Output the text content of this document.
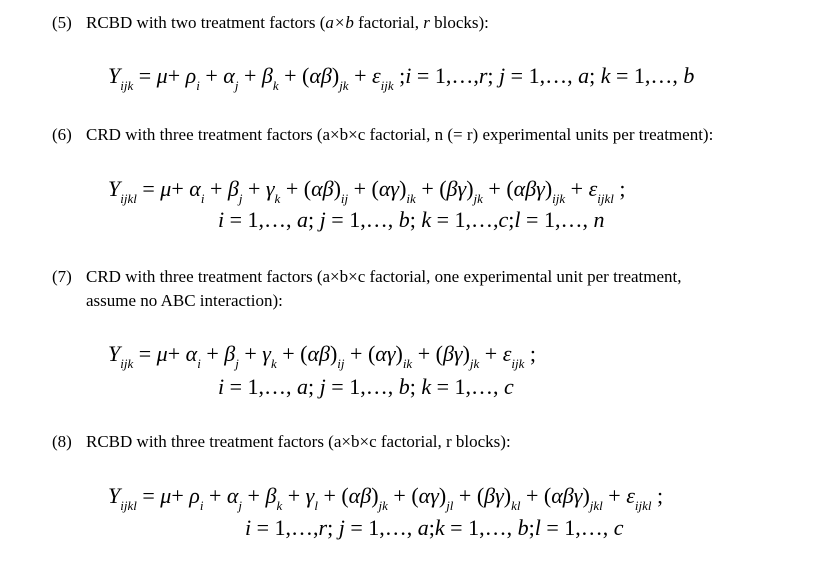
(5) RCBD with two treatment factors (a×b factorial, r blocks):
$Y_{ijk} = \mu+ \rho_i + \alpha_j + \beta_k + (\alpha\beta)_{jk} + \varepsilon_{ijk}$ ;i = 1,…,r; j = 1,…, a; k = 1,…, b
(6) CRD with three treatment factors (a×b×c factorial, n (= r) experimental units per treatment):
$Y_{ijkl} = \mu+ \alpha_i + \beta_j + \gamma_k + (\alpha\beta)_{ij} + (\alpha\gamma)_{ik} + (\beta\gamma)_{jk} + (\alpha\beta\gamma)_{ijk} + \varepsilon_{ijkl}$ ;
i = 1,…, a; j = 1,…, b; k = 1,…,c;l = 1,…, n
(7) CRD with three treatment factors (a×b×c factorial, one experimental unit per treatment,
assume no ABC interaction):
$Y_{ijk} = \mu+ \alpha_i + \beta_j + \gamma_k + (\alpha\beta)_{ij} + (\alpha\gamma)_{ik} + (\beta\gamma)_{jk} + \varepsilon_{ijk}$ ;
i = 1,…, a; j = 1,…, b; k = 1,…, c
(8) RCBD with three treatment factors (a×b×c factorial, r blocks):
$Y_{ijkl} = \mu+ \rho_i + \alpha_j + \beta_k + \gamma_l + (\alpha\beta)_{jk} + (\alpha\gamma)_{jl} + (\beta\gamma)_{kl} + (\alpha\beta\gamma)_{jkl} + \varepsilon_{ijkl}$ ;
i = 1,…,r; j = 1,…, a;k = 1,…, b;l = 1,…, c
